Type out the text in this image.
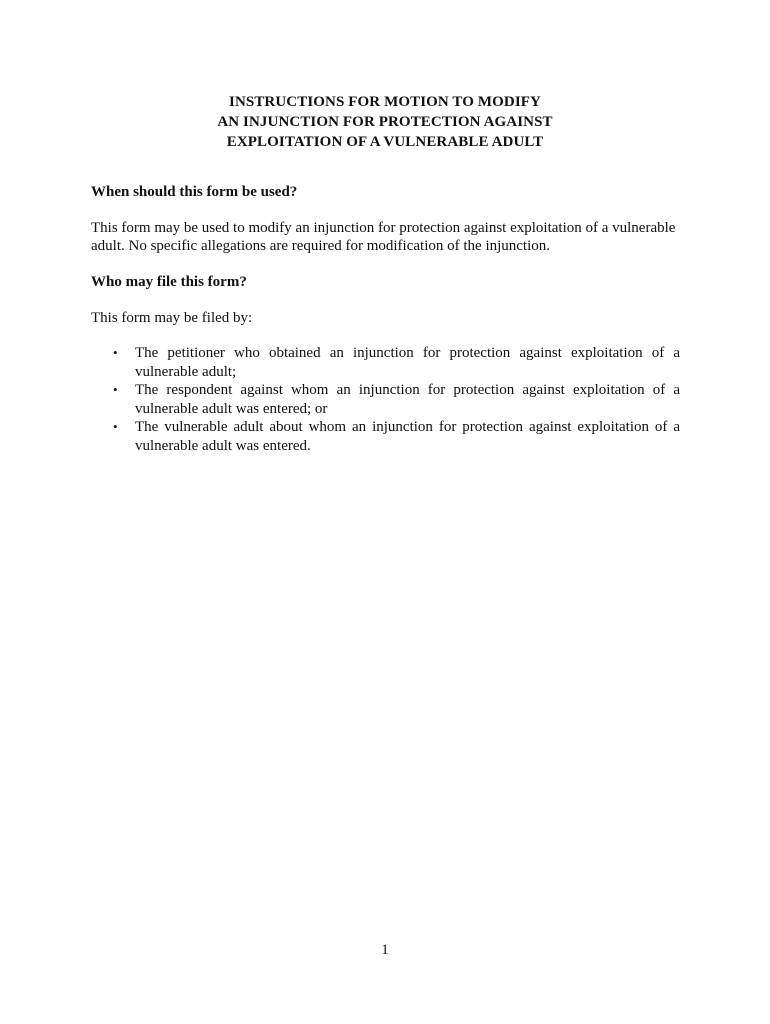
INSTRUCTIONS FOR MOTION TO MODIFY
AN INJUNCTION FOR PROTECTION AGAINST
EXPLOITATION OF A VULNERABLE ADULT
When should this form be used?
This form may be used to modify an injunction for protection against exploitation of a vulnerable
adult. No specific allegations are required for modification of the injunction.
Who may file this form?
This form may be filed by:
• The petitioner who obtained an injunction for protection against exploitation of a vulnerable adult;
• The respondent against whom an injunction for protection against exploitation of a vulnerable adult was entered; or
• The vulnerable adult about whom an injunction for protection against exploitation of a vulnerable adult was entered.
1
